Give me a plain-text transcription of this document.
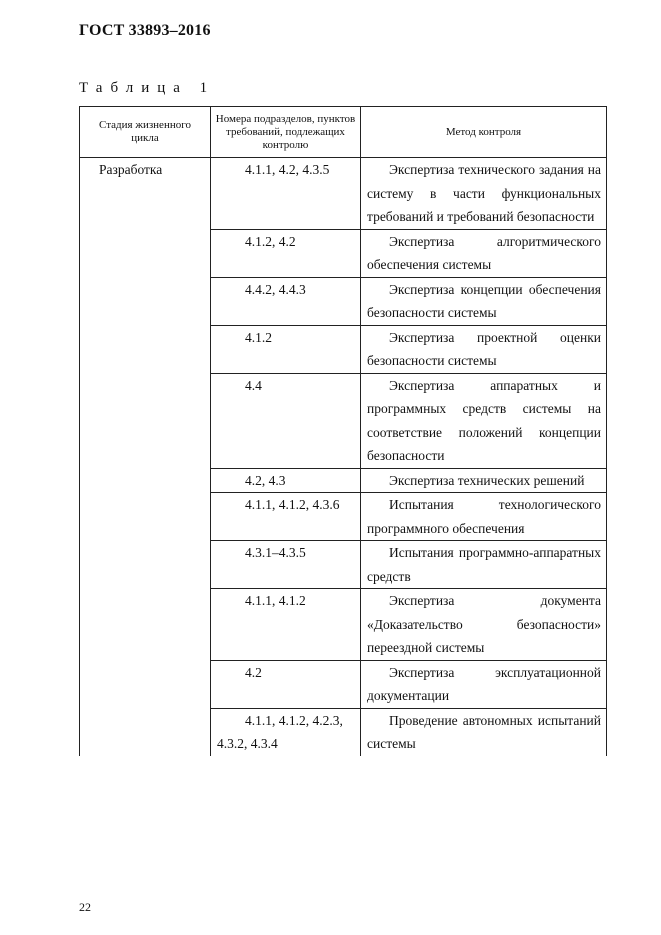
ГОСТ 33893–2016
Таблица 1
Стадия жизненного цикла	Номера подразделов, пунктов требований, подлежащих контролю	Метод контроля
Разработка	4.1.1, 4.2, 4.3.5	Экспертиза технического задания на систему в части функциональных требований и требований безопасности

	4.1.2, 4.2	Экспертиза алгоритмического обеспечения системы

	4.4.2, 4.4.3	Экспертиза концепции обеспечения безопасности системы

	4.1.2	Экспертиза проектной оценки безопасности системы

	4.4	Экспертиза аппаратных и программных средств системы на соответствие положений концепции безопасности

	4.2, 4.3	Экспертиза технических решений

	4.1.1, 4.1.2, 4.3.6	Испытания технологического программного обеспечения

	4.3.1–4.3.5	Испытания программно-аппаратных средств

	4.1.1, 4.1.2	Экспертиза документа «Доказательство безопасности» переездной системы

	4.2	Экспертиза эксплуатационной документации

	4.1.1, 4.1.2, 4.2.3, 4.3.2, 4.3.4	Проведение автономных испытаний системы
22
